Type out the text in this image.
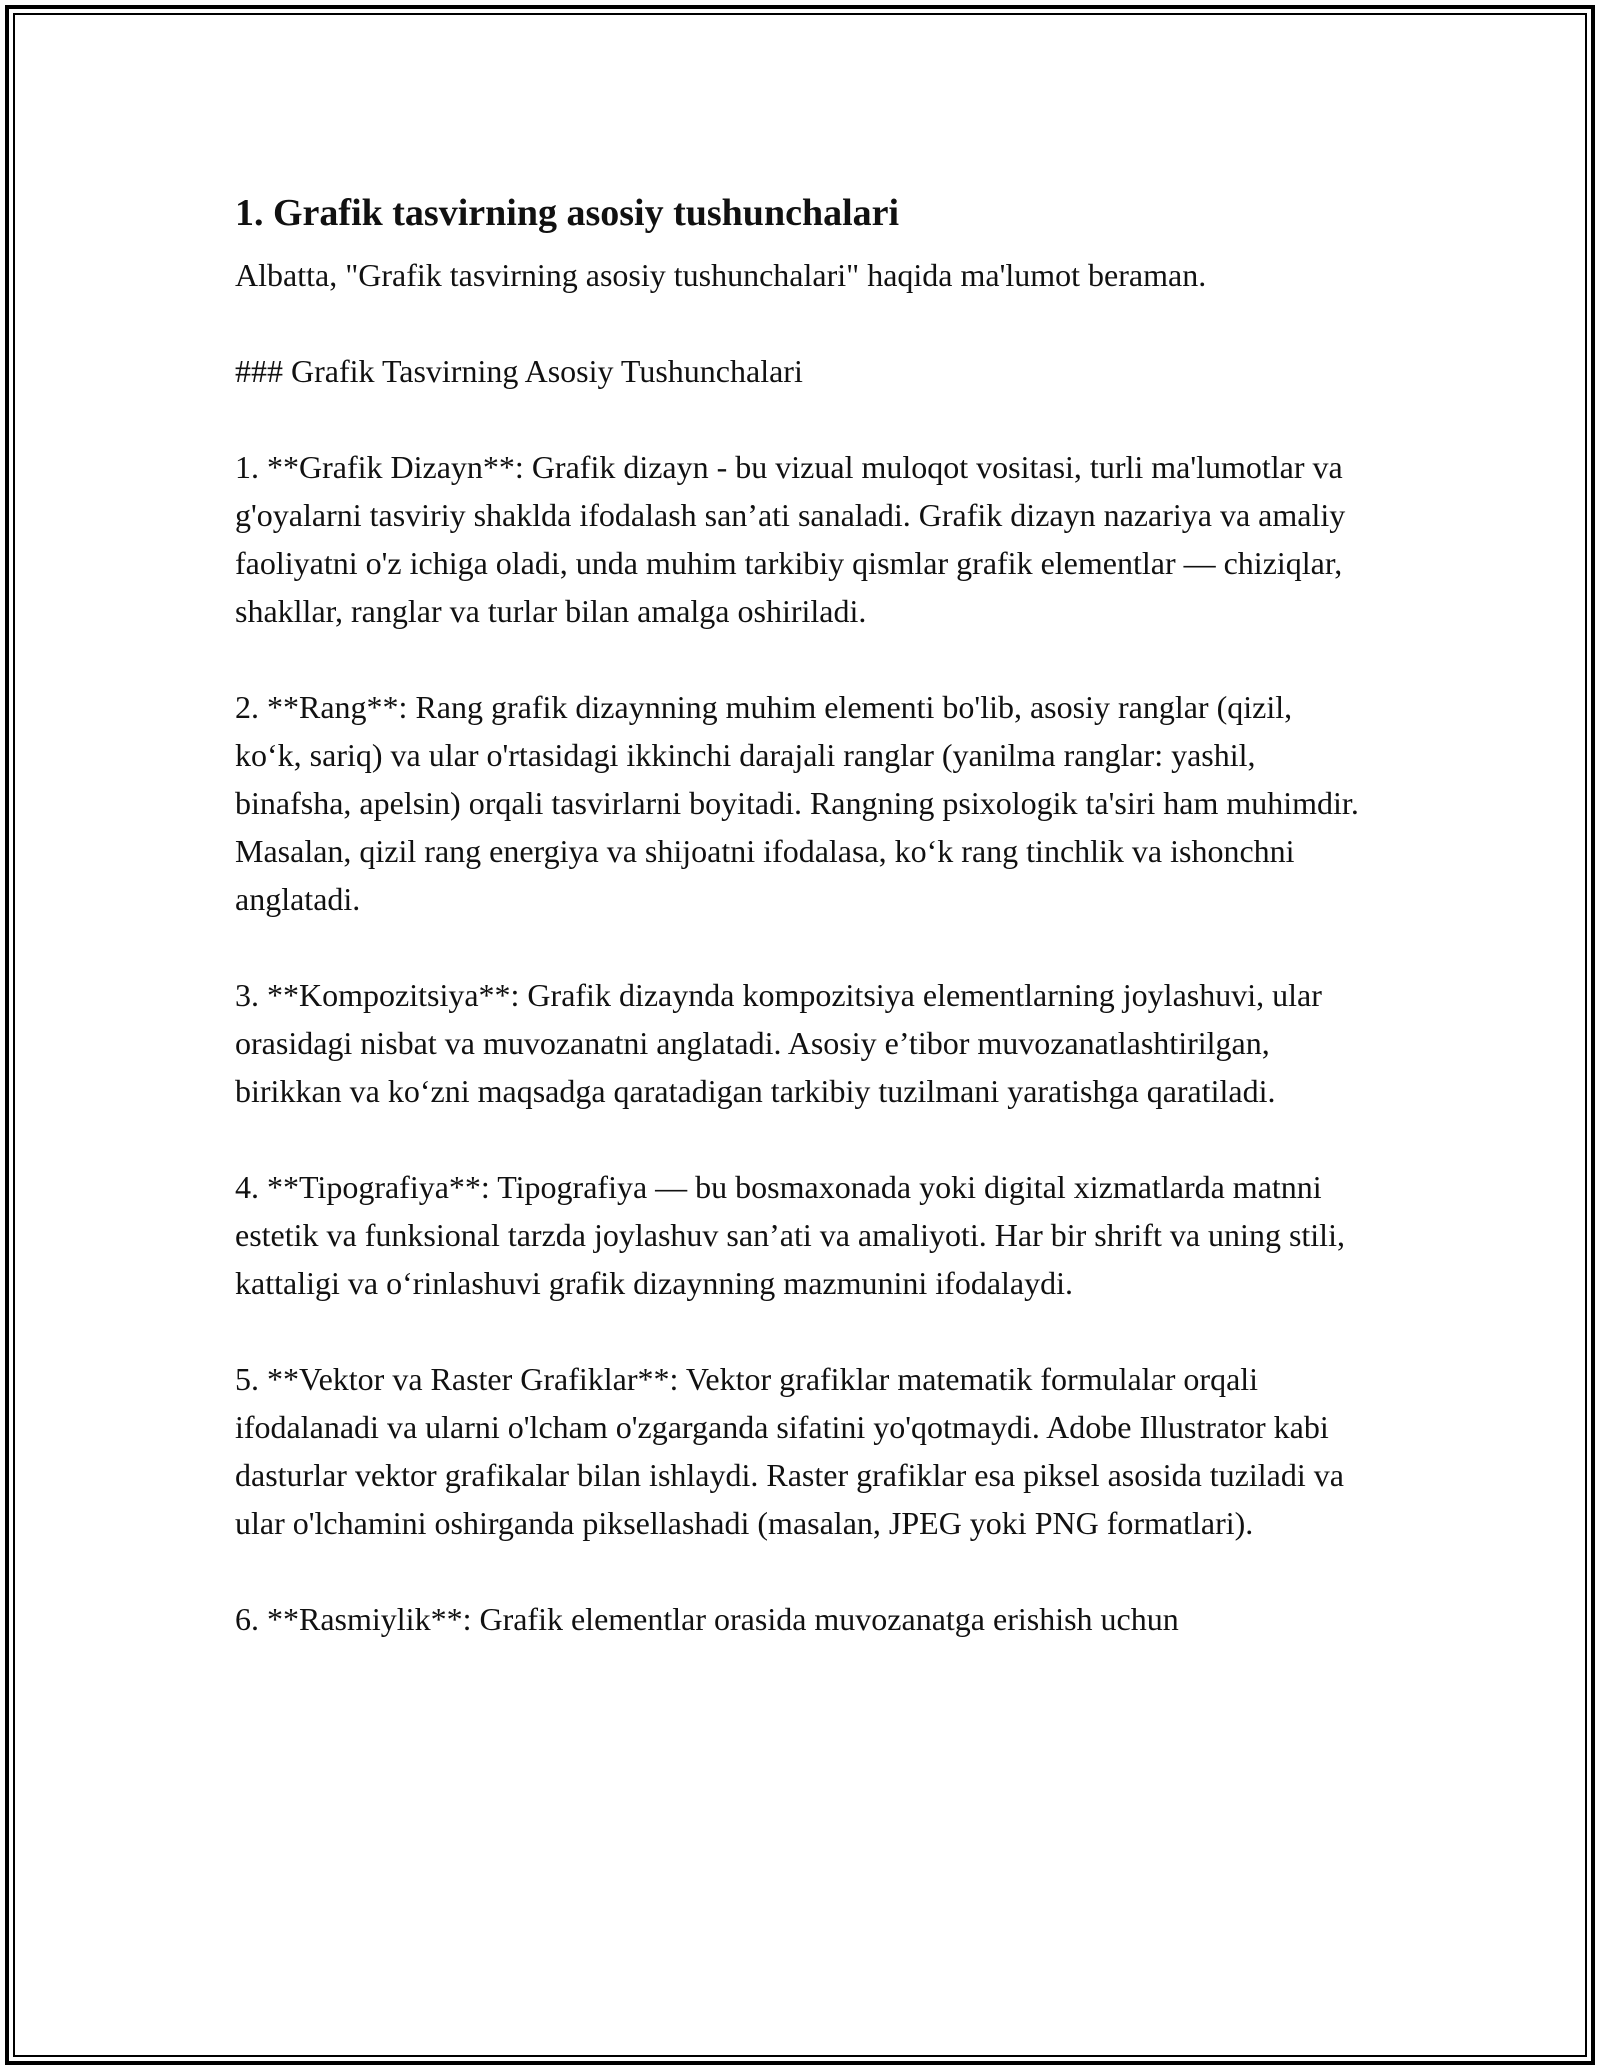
1. Grafik tasvirning asosiy tushunchalari

Albatta, "Grafik tasvirning asosiy tushunchalari" haqida ma'lumot beraman.

### Grafik Tasvirning Asosiy Tushunchalari

1. **Grafik Dizayn**: Grafik dizayn - bu vizual muloqot vositasi, turli ma'lumotlar va g'oyalarni tasviriy shaklda ifodalash san’ati sanaladi. Grafik dizayn nazariya va amaliy faoliyatni o'z ichiga oladi, unda muhim tarkibiy qismlar grafik elementlar — chiziqlar, shakllar, ranglar va turlar bilan amalga oshiriladi.

2. **Rang**: Rang grafik dizaynning muhim elementi bo'lib, asosiy ranglar (qizil, koʻk, sariq) va ular o'rtasidagi ikkinchi darajali ranglar (yanilma ranglar: yashil, binafsha, apelsin) orqali tasvirlarni boyitadi. Rangning psixologik ta'siri ham muhimdir. Masalan, qizil rang energiya va shijoatni ifodalasa, koʻk rang tinchlik va ishonchni anglatadi.

3. **Kompozitsiya**: Grafik dizaynda kompozitsiya elementlarning joylashuvi, ular orasidagi nisbat va muvozanatni anglatadi. Asosiy e’tibor muvozanatlashtirilgan, birikkan va koʻzni maqsadga qaratadigan tarkibiy tuzilmani yaratishga qaratiladi.

4. **Tipografiya**: Tipografiya — bu bosmaxonada yoki digital xizmatlarda matnni estetik va funksional tarzda joylashuv san’ati va amaliyoti. Har bir shrift va uning stili, kattaligi va oʻrinlashuvi grafik dizaynning mazmunini ifodalaydi.

5. **Vektor va Raster Grafiklar**: Vektor grafiklar matematik formulalar orqali ifodalanadi va ularni o'lcham o'zgarganda sifatini yo'qotmaydi. Adobe Illustrator kabi dasturlar vektor grafikalar bilan ishlaydi. Raster grafiklar esa piksel asosida tuziladi va ular o'lchamini oshirganda piksellashadi (masalan, JPEG yoki PNG formatlari).

6. **Rasmiylik**: Grafik elementlar orasida muvozanatga erishish uchun
